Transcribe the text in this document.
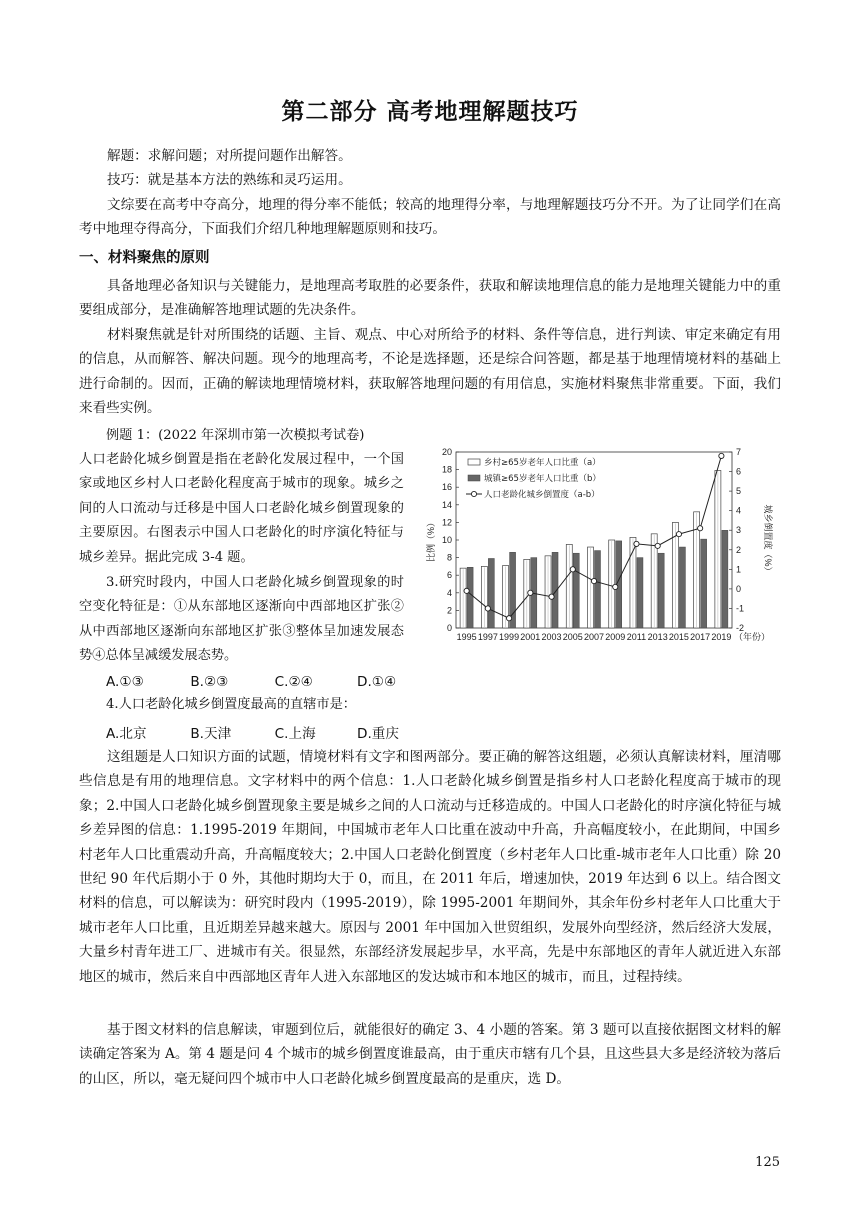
第二部分 高考地理解题技巧
解题：求解问题；对所提问题作出解答。
技巧：就是基本方法的熟练和灵巧运用。
文综要在高考中夺高分，地理的得分率不能低；较高的地理得分率，与地理解题技巧分不开。为了让同学们在高考中地理夺得高分，下面我们介绍几种地理解题原则和技巧。
一、材料聚焦的原则
具备地理必备知识与关键能力，是地理高考取胜的必要条件，获取和解读地理信息的能力是地理关键能力中的重要组成部分，是准确解答地理试题的先决条件。
材料聚焦就是针对所围绕的话题、主旨、观点、中心对所给予的材料、条件等信息，进行判读、审定来确定有用的信息，从而解答、解决问题。现今的地理高考，不论是选择题，还是综合问答题，都是基于地理情境材料的基础上进行命制的。因而，正确的解读地理情境材料，获取解答地理问题的有用信息，实施材料聚焦非常重要。下面，我们来看些实例。
例题 1：(2022 年深圳市第一次模拟考试卷)
人口老龄化城乡倒置是指在老龄化发展过程中，一个国家或地区乡村人口老龄化程度高于城市的现象。城乡之间的人口流动与迁移是中国人口老龄化城乡倒置现象的主要原因。右图表示中国人口老龄化的时序演化特征与城乡差异。据此完成 3-4 题。
3.研究时段内，中国人口老龄化城乡倒置现象的时空变化特征是：①从东部地区逐渐向中西部地区扩张②从中西部地区逐渐向东部地区扩张③整体呈加速发展态势④总体呈减缓发展态势。
A.①③	B.②③	C.②④	D.①④
4.人口老龄化城乡倒置度最高的直辖市是：
A.北京	B.天津	C.上海	D.重庆
这组题是人口知识方面的试题，情境材料有文字和图两部分。要正确的解答这组题，必须认真解读材料，厘清哪些信息是有用的地理信息。文字材料中的两个信息：1.人口老龄化城乡倒置是指乡村人口老龄化程度高于城市的现象；2.中国人口老龄化城乡倒置现象主要是城乡之间的人口流动与迁移造成的。中国人口老龄化的时序演化特征与城乡差异图的信息：1.1995-2019 年期间，中国城市老年人口比重在波动中升高，升高幅度较小，在此期间，中国乡村老年人口比重震动升高，升高幅度较大；2.中国人口老龄化倒置度（乡村老年人口比重-城市老年人口比重）除 20 世纪 90 年代后期小于 0 外，其他时期均大于 0，而且，在 2011 年后，增速加快，2019 年达到 6 以上。结合图文材料的信息，可以解读为：研究时段内（1995-2019），除 1995-2001 年期间外，其余年份乡村老年人口比重大于城市老年人口比重，且近期差异越来越大。原因与 2001 年中国加入世贸组织，发展外向型经济，然后经济大发展，大量乡村青年进工厂、进城市有关。很显然，东部经济发展起步早，水平高，先是中东部地区的青年人就近进入东部地区的城市，然后来自中西部地区青年人进入东部地区的发达城市和本地区的城市，而且，过程持续。
基于图文材料的信息解读，审题到位后，就能很好的确定 3、4 小题的答案。第 3 题可以直接依据图文材料的解读确定答案为 A。第 4 题是问 4 个城市的城乡倒置度谁最高，由于重庆市辖有几个县，且这些县大多是经济较为落后的山区，所以，毫无疑问四个城市中人口老龄化城乡倒置度最高的是重庆，选 D。
125
比例（%）	城乡倒置度（%）
0
2
4
6
8
10
12
14
16
18
20
-2
-1
0
1
2
3
4
5
6
7
1995 1997 1999 2001 2003 2005 2007 2009 2011 2013 2015 2017 2019 （年份）
乡村≥65岁老年人口比重（a）
城镇≥65岁老年人口比重（b）
人口老龄化城乡倒置度（a-b）
